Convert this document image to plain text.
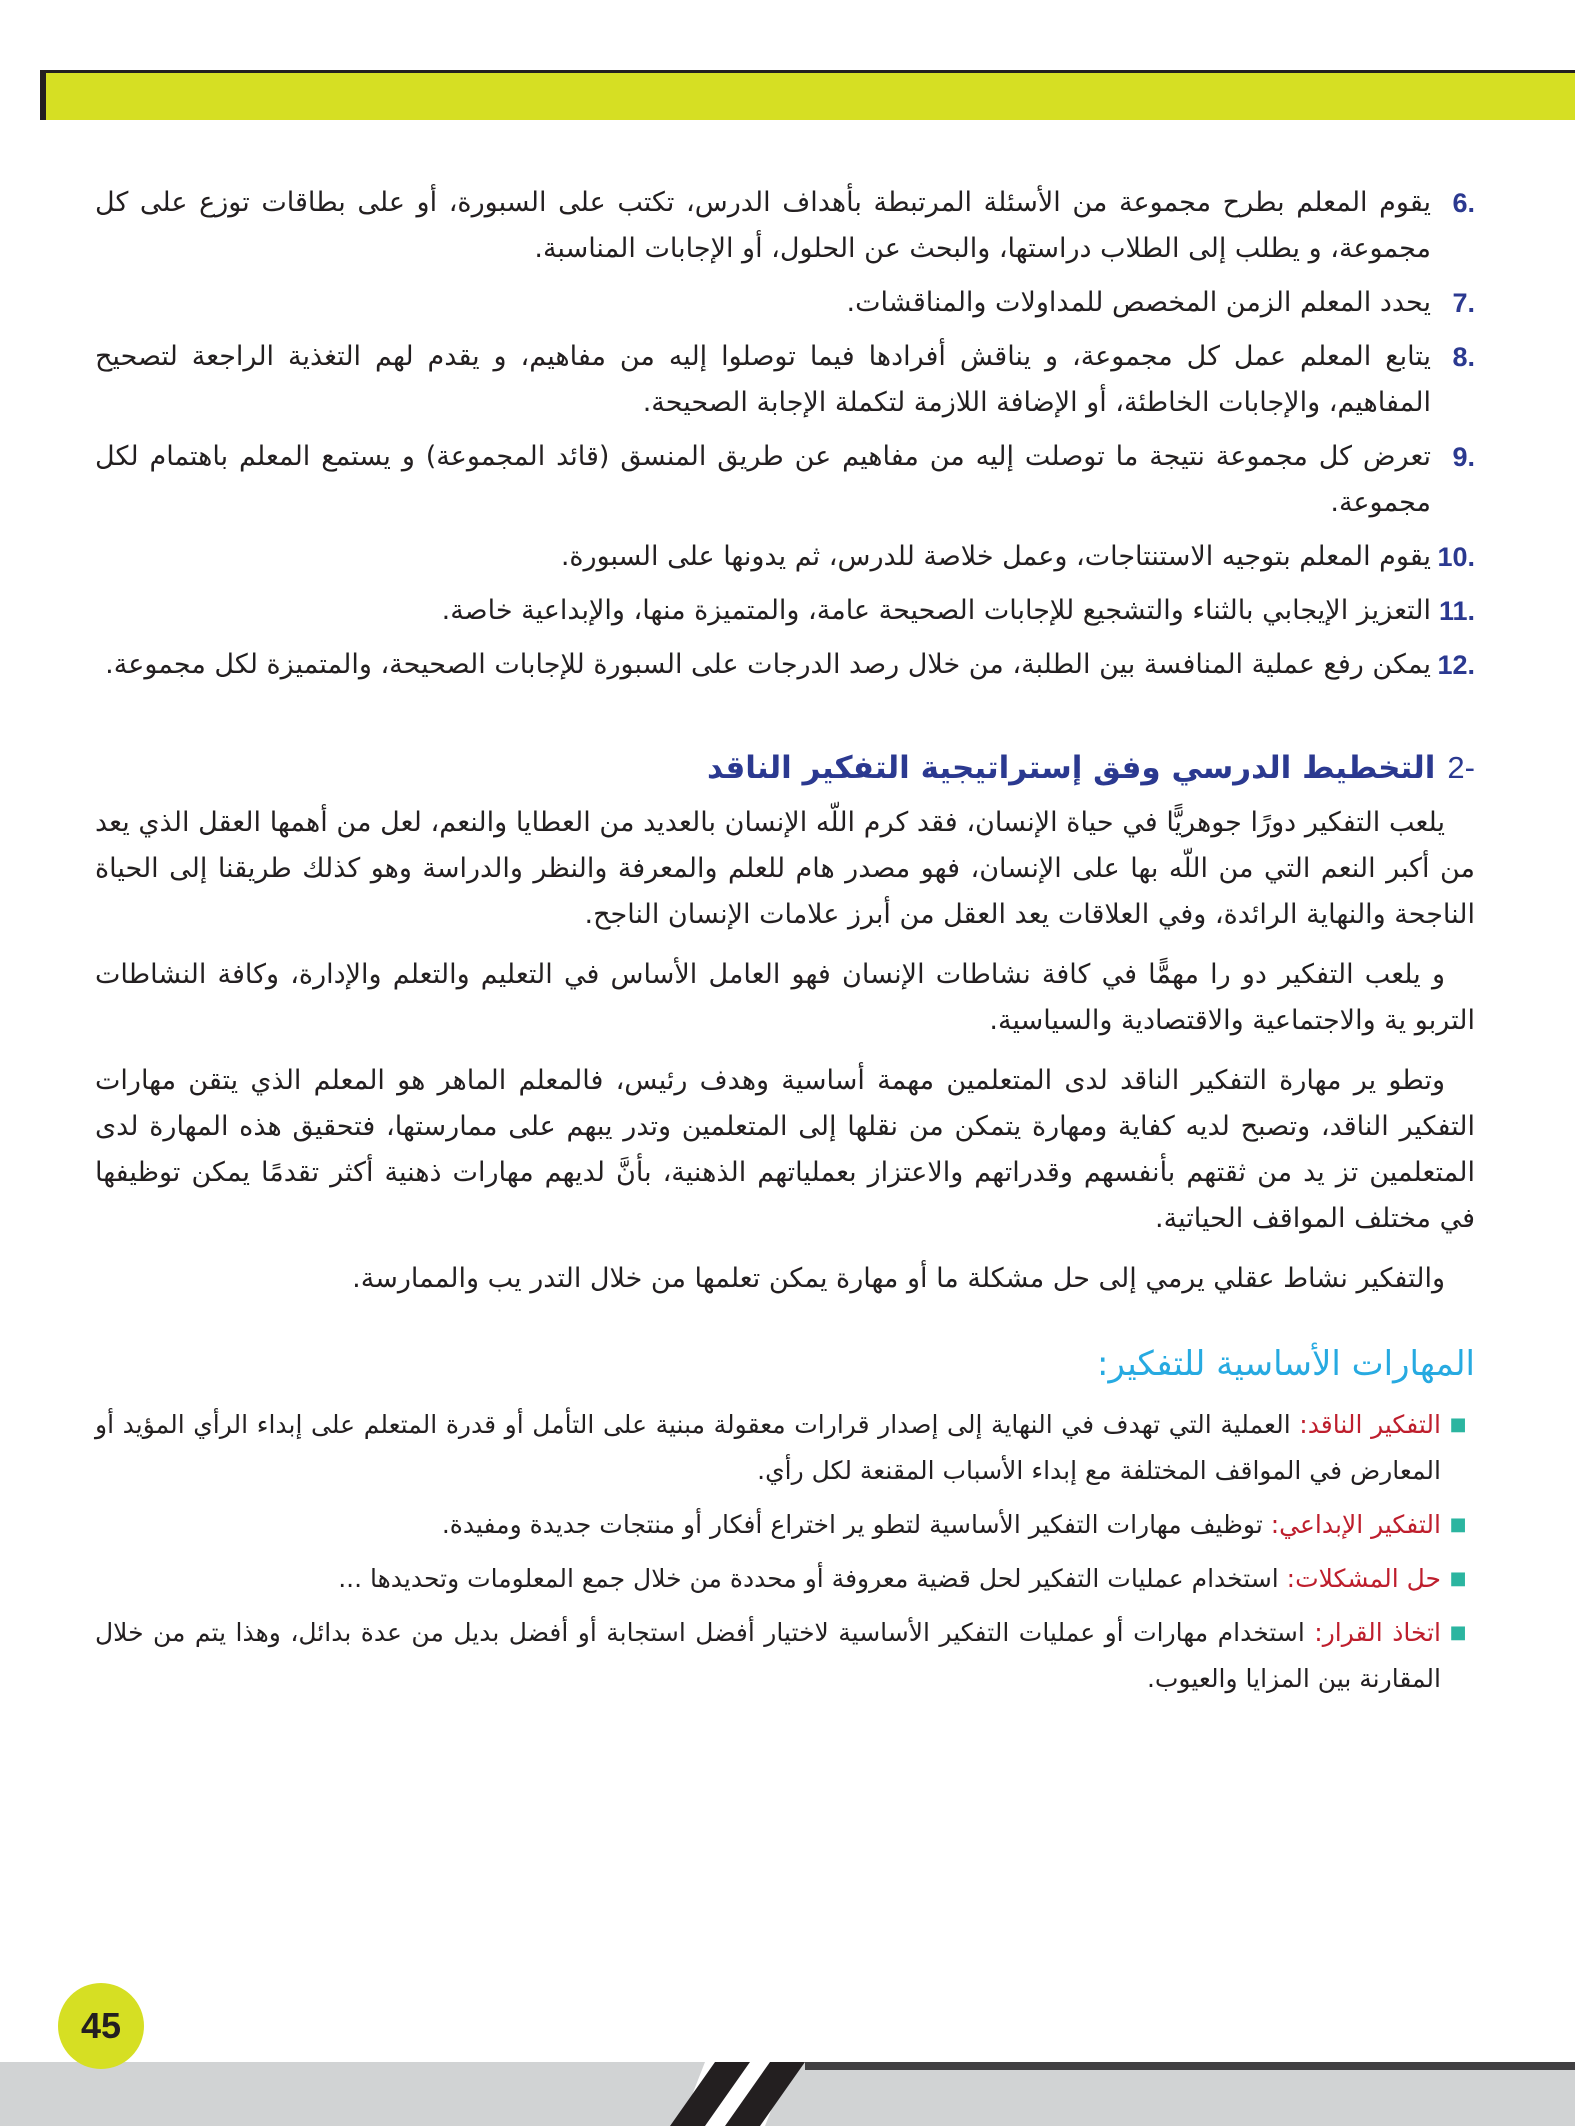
6.
يقوم المعلم بطرح مجموعة من الأسئلة المرتبطة بأهداف الدرس، تكتب على السبورة، أو على بطاقات توزع على كل مجموعة، و يطلب إلى الطلاب دراستها، والبحث عن الحلول، أو الإجابات المناسبة.
7.
يحدد المعلم الزمن المخصص للمداولات والمناقشات.
8.
يتابع المعلم عمل كل مجموعة، و يناقش أفرادها فيما توصلوا إليه من مفاهيم، و يقدم لهم التغذية الراجعة لتصحيح المفاهيم، والإجابات الخاطئة، أو الإضافة اللازمة لتكملة الإجابة الصحيحة.
9.
تعرض كل مجموعة نتيجة ما توصلت إليه من مفاهيم عن طريق المنسق (قائد المجموعة) و يستمع المعلم باهتمام لكل مجموعة.
10.
يقوم المعلم بتوجيه الاستنتاجات، وعمل خلاصة للدرس، ثم يدونها على السبورة.
11.
التعزيز الإيجابي بالثناء والتشجيع للإجابات الصحيحة عامة، والمتميزة منها، والإبداعية خاصة.
12.
يمكن رفع عملية المنافسة بين الطلبة، من خلال رصد الدرجات على السبورة للإجابات الصحيحة، والمتميزة لكل مجموعة.
2-
التخطيط الدرسي وفق إستراتيجية التفكير الناقد

يلعب التفكير دورًا جوهريًّا في حياة الإنسان، فقد كرم اللّه الإنسان بالعديد من العطايا والنعم، لعل من أهمها العقل الذي يعد من أكبر النعم التي من اللّه بها على الإنسان، فهو مصدر هام للعلم والمعرفة والنظر والدراسة وهو كذلك طريقنا إلى الحياة الناجحة والنهاية الرائدة، وفي العلاقات يعد العقل من أبرز علامات الإنسان الناجح.

و يلعب التفكير دو را مهمًّا في كافة نشاطات الإنسان فهو العامل الأساس في التعليم والتعلم والإدارة، وكافة النشاطات التربو ية والاجتماعية والاقتصادية والسياسية.

وتطو ير مهارة التفكير الناقد لدى المتعلمين مهمة أساسية وهدف رئيس، فالمعلم الماهر هو المعلم الذي يتقن مهارات التفكير الناقد، وتصبح لديه كفاية ومهارة يتمكن من نقلها إلى المتعلمين وتدر يبهم على ممارستها، فتحقيق هذه المهارة لدى المتعلمين تز يد من ثقتهم بأنفسهم وقدراتهم والاعتزاز بعملياتهم الذهنية، بأنَّ لديهم مهارات ذهنية أكثر تقدمًا يمكن توظيفها في مختلف المواقف الحياتية.

والتفكير نشاط عقلي يرمي إلى حل مشكلة ما أو مهارة يمكن تعلمها من خلال التدر يب والممارسة.

المهارات الأساسية للتفكير:
■
التفكير الناقد: العملية التي تهدف في النهاية إلى إصدار قرارات معقولة مبنية على التأمل أو قدرة المتعلم على إبداء الرأي المؤيد أو المعارض في المواقف المختلفة مع إبداء الأسباب المقنعة لكل رأي.
■
التفكير الإبداعي: توظيف مهارات التفكير الأساسية لتطو ير اختراع أفكار أو منتجات جديدة ومفيدة.
■
حل المشكلات: استخدام عمليات التفكير لحل قضية معروفة أو محددة من خلال جمع المعلومات وتحديدها ...
■
اتخاذ القرار: استخدام مهارات أو عمليات التفكير الأساسية لاختيار أفضل استجابة أو أفضل بديل من عدة بدائل، وهذا يتم من خلال المقارنة بين المزايا والعيوب.
45
